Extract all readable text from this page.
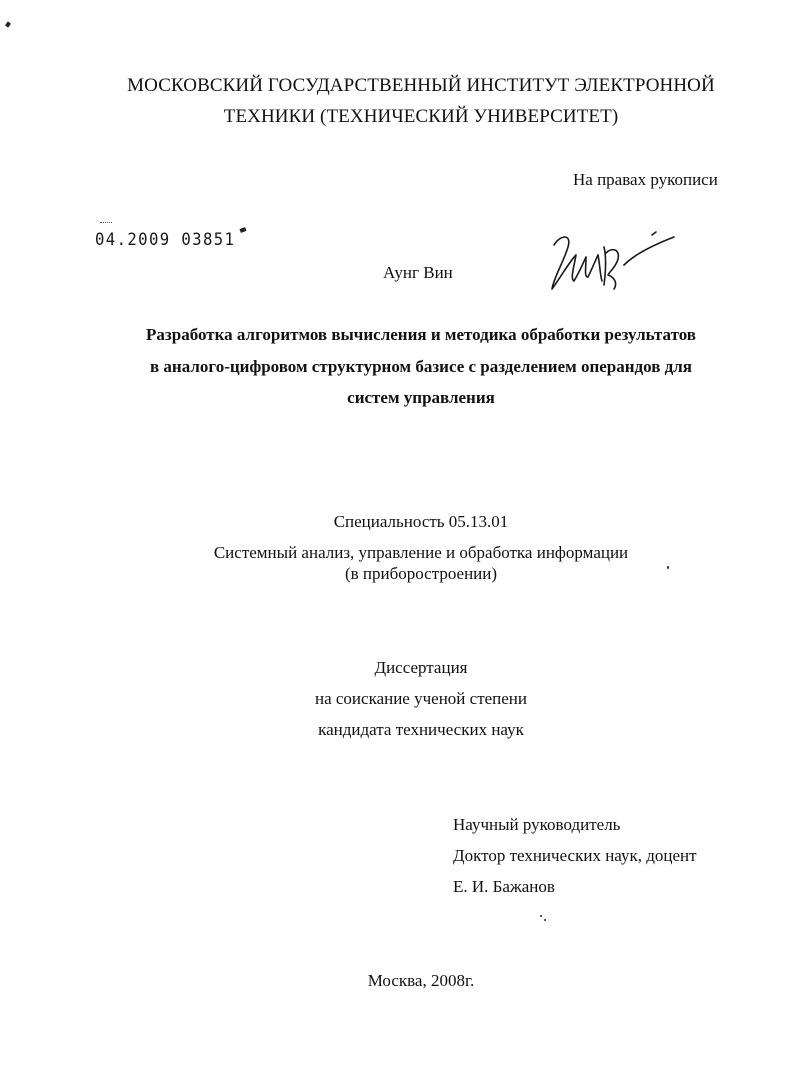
МОСКОВСКИЙ ГОСУДАРСТВЕННЫЙ ИНСТИТУТ ЭЛЕКТРОННОЙ
ТЕХНИКИ (ТЕХНИЧЕСКИЙ УНИВЕРСИТЕТ)
На правах рукописи
04.2009 03851
Аунг Вин
Разработка алгоритмов вычисления и методика обработки результатов
в аналого-цифровом структурном базисе с разделением операндов для
систем управления
Специальность 05.13.01
Системный анализ, управление и обработка информации
(в приборостроении)
Диссертация
на соискание ученой степени
кандидата технических наук
Научный руководитель
Доктор технических наук, доцент
Е. И. Бажанов
Москва, 2008г.
